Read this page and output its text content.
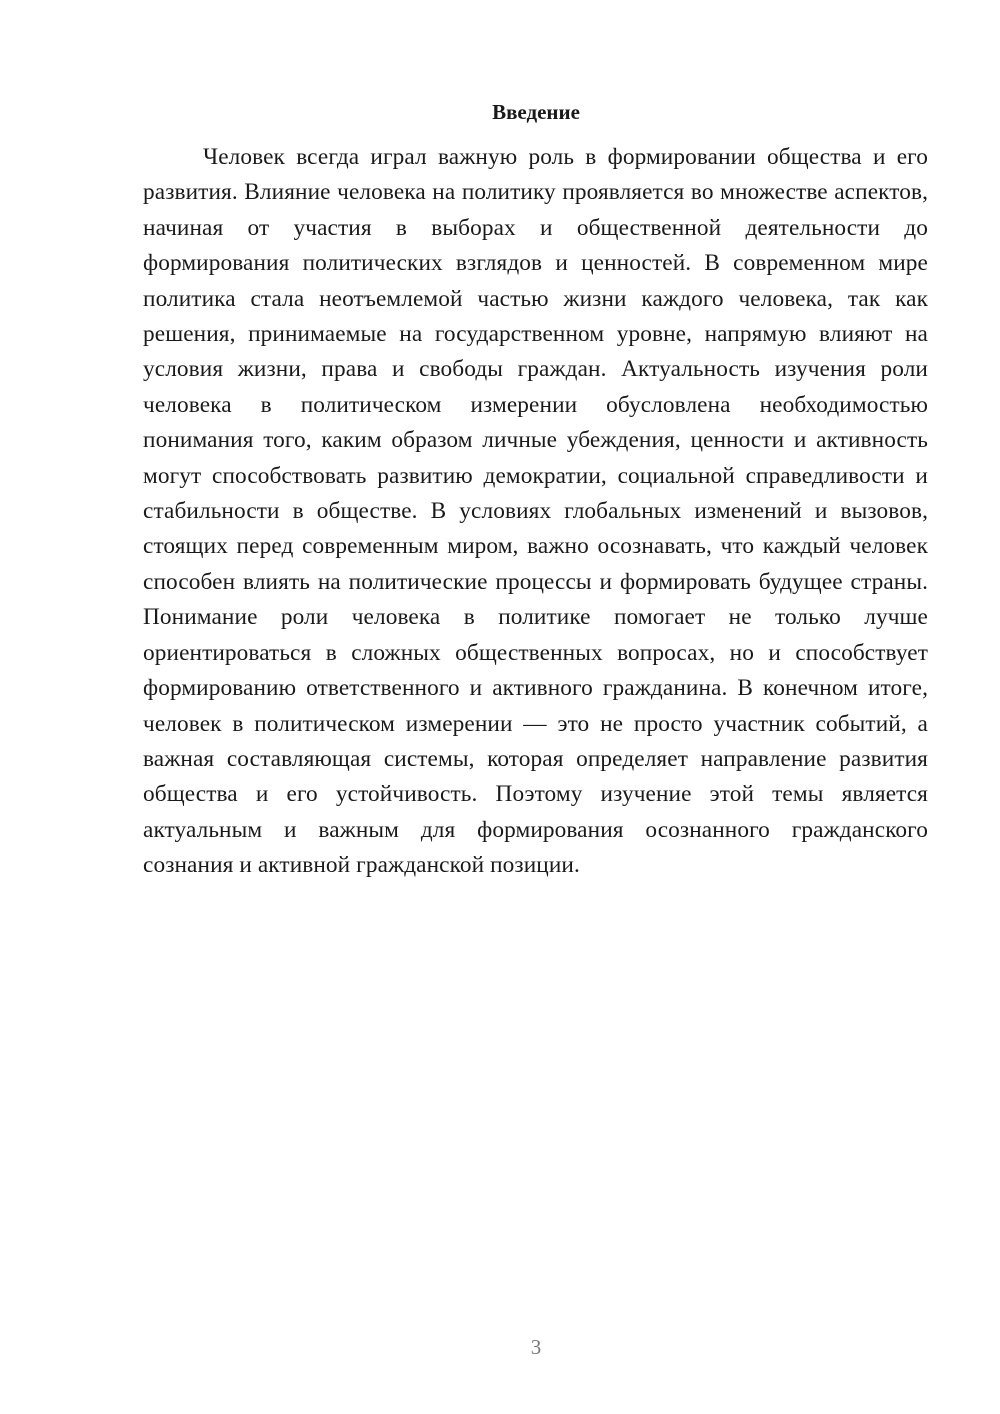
Введение

Человек всегда играл важную роль в формировании общества и его развития. Влияние человека на политику проявляется во множестве аспектов, начиная от участия в выборах и общественной деятельности до формирования политических взглядов и ценностей. В современном мире политика стала неотъемлемой частью жизни каждого человека, так как решения, принимаемые на государственном уровне, напрямую влияют на условия жизни, права и свободы граждан. Актуальность изучения роли человека в политическом измерении обусловлена необходимостью понимания того, каким образом личные убеждения, ценности и активность могут способствовать развитию демократии, социальной справедливости и стабильности в обществе. В условиях глобальных изменений и вызовов, стоящих перед современным миром, важно осознавать, что каждый человек способен влиять на политические процессы и формировать будущее страны. Понимание роли человека в политике помогает не только лучше ориентироваться в сложных общественных вопросах, но и способствует формированию ответственного и активного гражданина. В конечном итоге, человек в политическом измерении — это не просто участник событий, а важная составляющая системы, которая определяет направление развития общества и его устойчивость. Поэтому изучение этой темы является актуальным и важным для формирования осознанного гражданского сознания и активной гражданской позиции.

3
